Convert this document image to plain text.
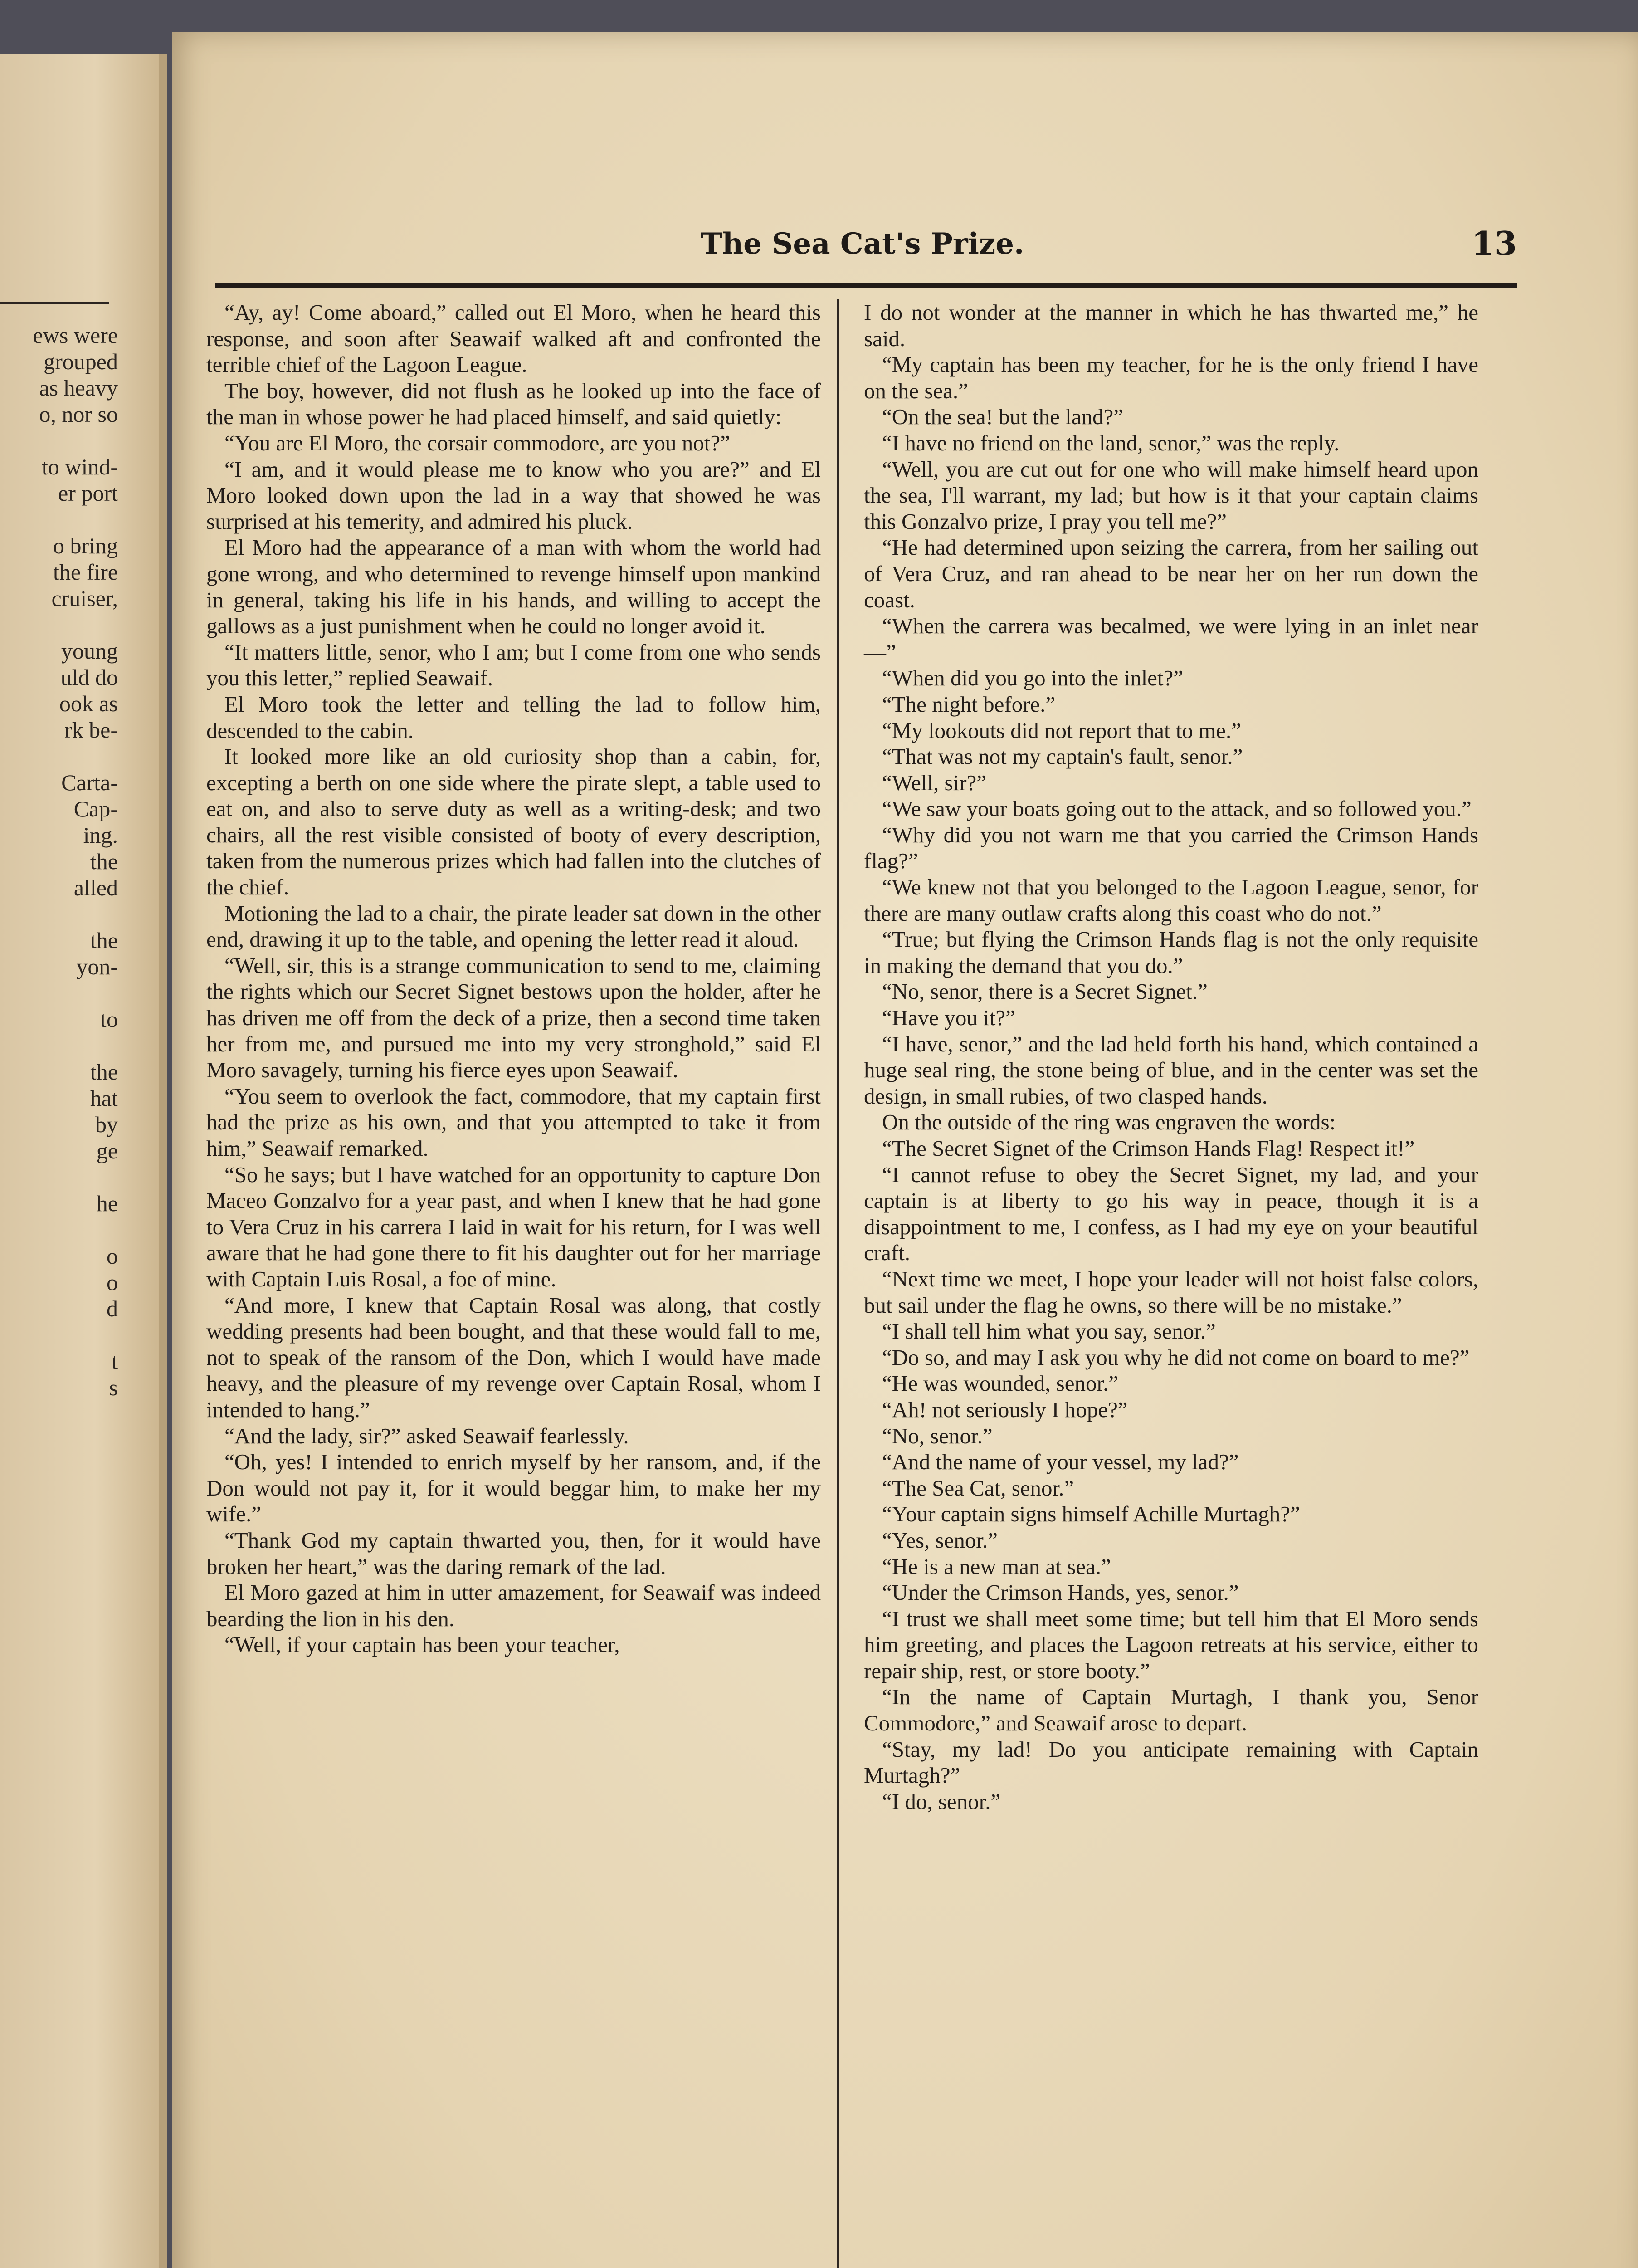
ews were
grouped
as heavy
o, nor so

to wind-
er port

o bring
the fire
cruiser,

young
uld do
ook as
rk be-

Carta-
Cap-
ing.
the
alled

the
yon-

to

the
hat
by
ge

he

o
o
d

t
s
The Sea Cat's Prize.	13

“Ay, ay! Come aboard,” called out El Moro, when he heard this response, and soon after Seawaif walked aft and confronted the terrible chief of the Lagoon League.

The boy, however, did not flush as he looked up into the face of the man in whose power he had placed himself, and said quietly:

“You are El Moro, the corsair commodore, are you not?”

“I am, and it would please me to know who you are?” and El Moro looked down upon the lad in a way that showed he was surprised at his temerity, and admired his pluck.

El Moro had the appearance of a man with whom the world had gone wrong, and who determined to revenge himself upon mankind in general, taking his life in his hands, and willing to accept the gallows as a just punishment when he could no longer avoid it.

“It matters little, senor, who I am; but I come from one who sends you this letter,” replied Seawaif.

El Moro took the letter and telling the lad to follow him, descended to the cabin.

It looked more like an old curiosity shop than a cabin, for, excepting a berth on one side where the pirate slept, a table used to eat on, and also to serve duty as well as a writing-desk; and two chairs, all the rest visible consisted of booty of every description, taken from the numerous prizes which had fallen into the clutches of the chief.

Motioning the lad to a chair, the pirate leader sat down in the other end, drawing it up to the table, and opening the letter read it aloud.

“Well, sir, this is a strange communication to send to me, claiming the rights which our Secret Signet bestows upon the holder, after he has driven me off from the deck of a prize, then a second time taken her from me, and pursued me into my very stronghold,” said El Moro savagely, turning his fierce eyes upon Seawaif.

“You seem to overlook the fact, commodore, that my captain first had the prize as his own, and that you attempted to take it from him,” Seawaif remarked.

“So he says; but I have watched for an opportunity to capture Don Maceo Gonzalvo for a year past, and when I knew that he had gone to Vera Cruz in his carrera I laid in wait for his return, for I was well aware that he had gone there to fit his daughter out for her marriage with Captain Luis Rosal, a foe of mine.

“And more, I knew that Captain Rosal was along, that costly wedding presents had been bought, and that these would fall to me, not to speak of the ransom of the Don, which I would have made heavy, and the pleasure of my revenge over Captain Rosal, whom I intended to hang.”

“And the lady, sir?” asked Seawaif fearlessly.

“Oh, yes! I intended to enrich myself by her ransom, and, if the Don would not pay it, for it would beggar him, to make her my wife.”

“Thank God my captain thwarted you, then, for it would have broken her heart,” was the daring remark of the lad.

El Moro gazed at him in utter amazement, for Seawaif was indeed bearding the lion in his den.

“Well, if your captain has been your teacher,

I do not wonder at the manner in which he has thwarted me,” he said.

“My captain has been my teacher, for he is the only friend I have on the sea.”

“On the sea! but the land?”

“I have no friend on the land, senor,” was the reply.

“Well, you are cut out for one who will make himself heard upon the sea, I'll warrant, my lad; but how is it that your captain claims this Gonzalvo prize, I pray you tell me?”

“He had determined upon seizing the carrera, from her sailing out of Vera Cruz, and ran ahead to be near her on her run down the coast.

“When the carrera was becalmed, we were lying in an inlet near—”

“When did you go into the inlet?”

“The night before.”

“My lookouts did not report that to me.”

“That was not my captain's fault, senor.”

“Well, sir?”

“We saw your boats going out to the attack, and so followed you.”

“Why did you not warn me that you carried the Crimson Hands flag?”

“We knew not that you belonged to the Lagoon League, senor, for there are many outlaw crafts along this coast who do not.”

“True; but flying the Crimson Hands flag is not the only requisite in making the demand that you do.”

“No, senor, there is a Secret Signet.”

“Have you it?”

“I have, senor,” and the lad held forth his hand, which contained a huge seal ring, the stone being of blue, and in the center was set the design, in small rubies, of two clasped hands.

On the outside of the ring was engraven the words:

“The Secret Signet of the Crimson Hands Flag! Respect it!”

“I cannot refuse to obey the Secret Signet, my lad, and your captain is at liberty to go his way in peace, though it is a disappointment to me, I confess, as I had my eye on your beautiful craft.

“Next time we meet, I hope your leader will not hoist false colors, but sail under the flag he owns, so there will be no mistake.”

“I shall tell him what you say, senor.”

“Do so, and may I ask you why he did not come on board to me?”

“He was wounded, senor.”

“Ah! not seriously I hope?”

“No, senor.”

“And the name of your vessel, my lad?”

“The Sea Cat, senor.”

“Your captain signs himself Achille Murtagh?”

“Yes, senor.”

“He is a new man at sea.”

“Under the Crimson Hands, yes, senor.”

“I trust we shall meet some time; but tell him that El Moro sends him greeting, and places the Lagoon retreats at his service, either to repair ship, rest, or store booty.”

“In the name of Captain Murtagh, I thank you, Senor Commodore,” and Seawaif arose to depart.

“Stay, my lad! Do you anticipate remaining with Captain Murtagh?”

“I do, senor.”
